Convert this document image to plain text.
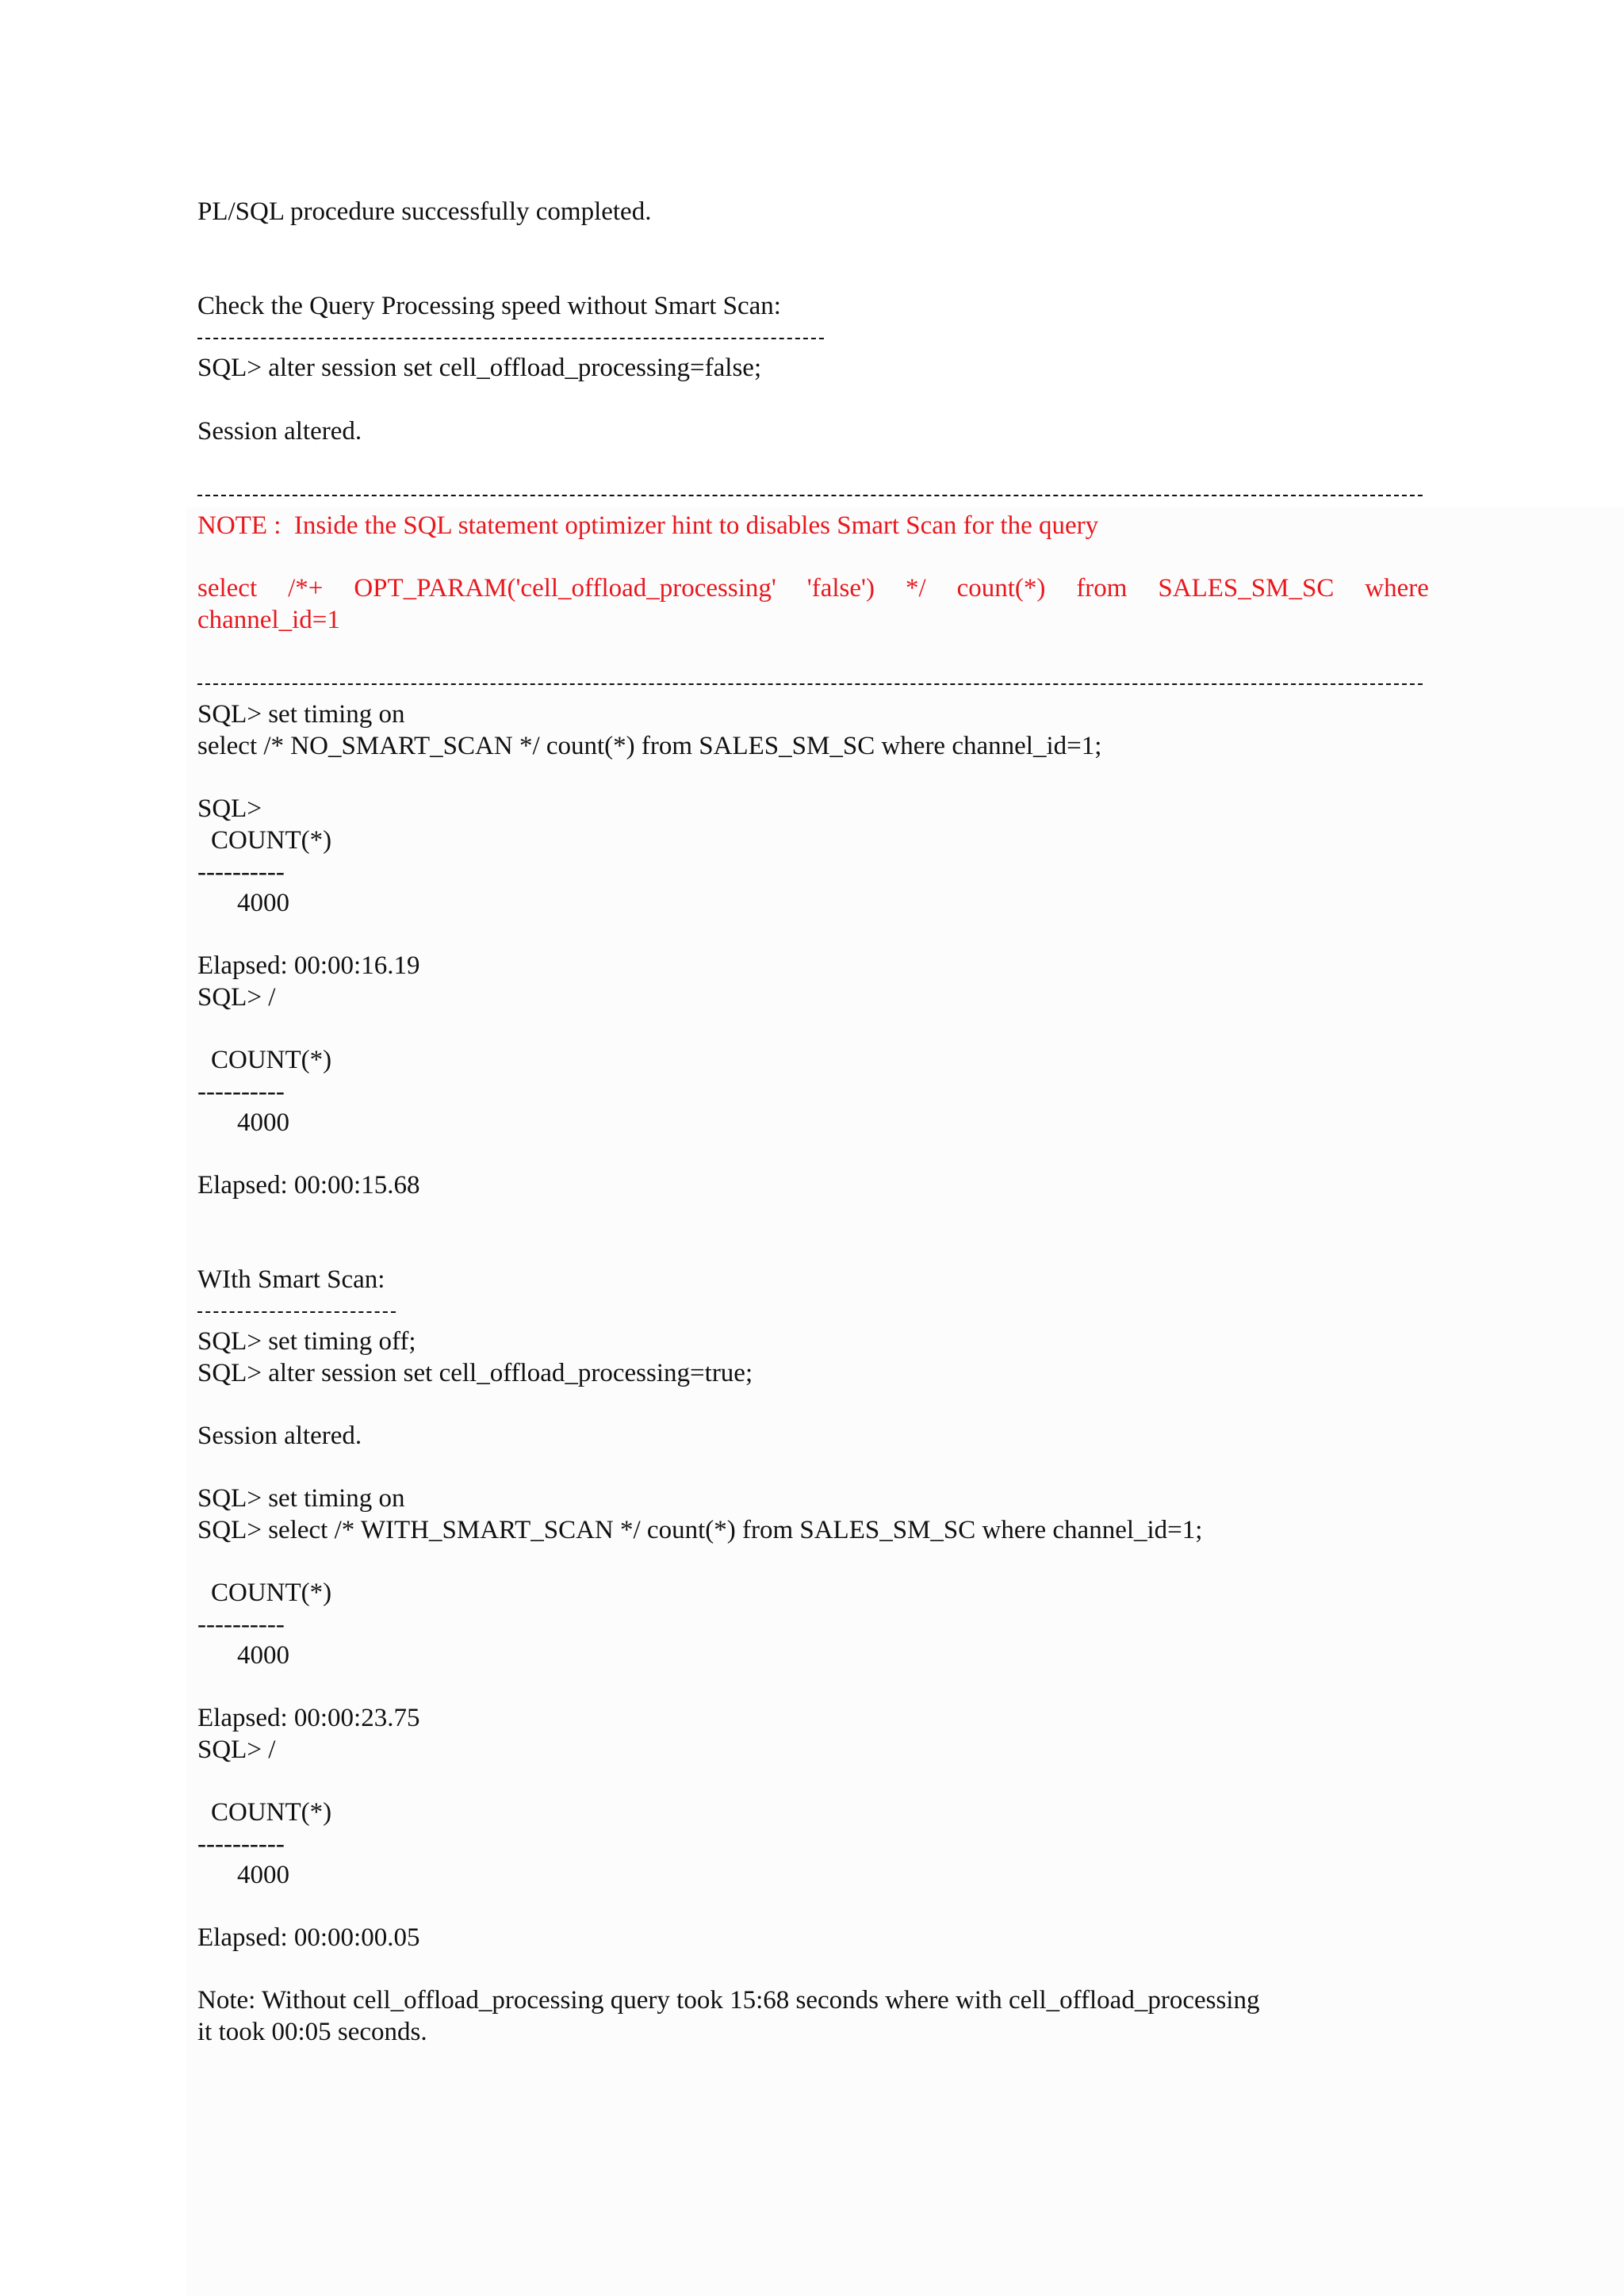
PL/SQL procedure successfully completed.
Check the Query Processing speed without Smart Scan:
SQL> alter session set cell_offload_processing=false;
Session altered.
NOTE :  Inside the SQL statement optimizer hint to disables Smart Scan for the query
select /*+ OPT_PARAM('cell_offload_processing' 'false') */ count(*) from SALES_SM_SC where
channel_id=1
SQL> set timing on
select /* NO_SMART_SCAN */ count(*) from SALES_SM_SC where channel_id=1;
SQL>
COUNT(*)
----------
4000
Elapsed: 00:00:16.19
SQL> /
COUNT(*)
----------
4000
Elapsed: 00:00:15.68
WIth Smart Scan:
SQL> set timing off;
SQL> alter session set cell_offload_processing=true;
Session altered.
SQL> set timing on
SQL> select /* WITH_SMART_SCAN */ count(*) from SALES_SM_SC where channel_id=1;
COUNT(*)
----------
4000
Elapsed: 00:00:23.75
SQL> /
COUNT(*)
----------
4000
Elapsed: 00:00:00.05
Note: Without cell_offload_processing query took 15:68 seconds where with cell_offload_processing
it took 00:05 seconds.
